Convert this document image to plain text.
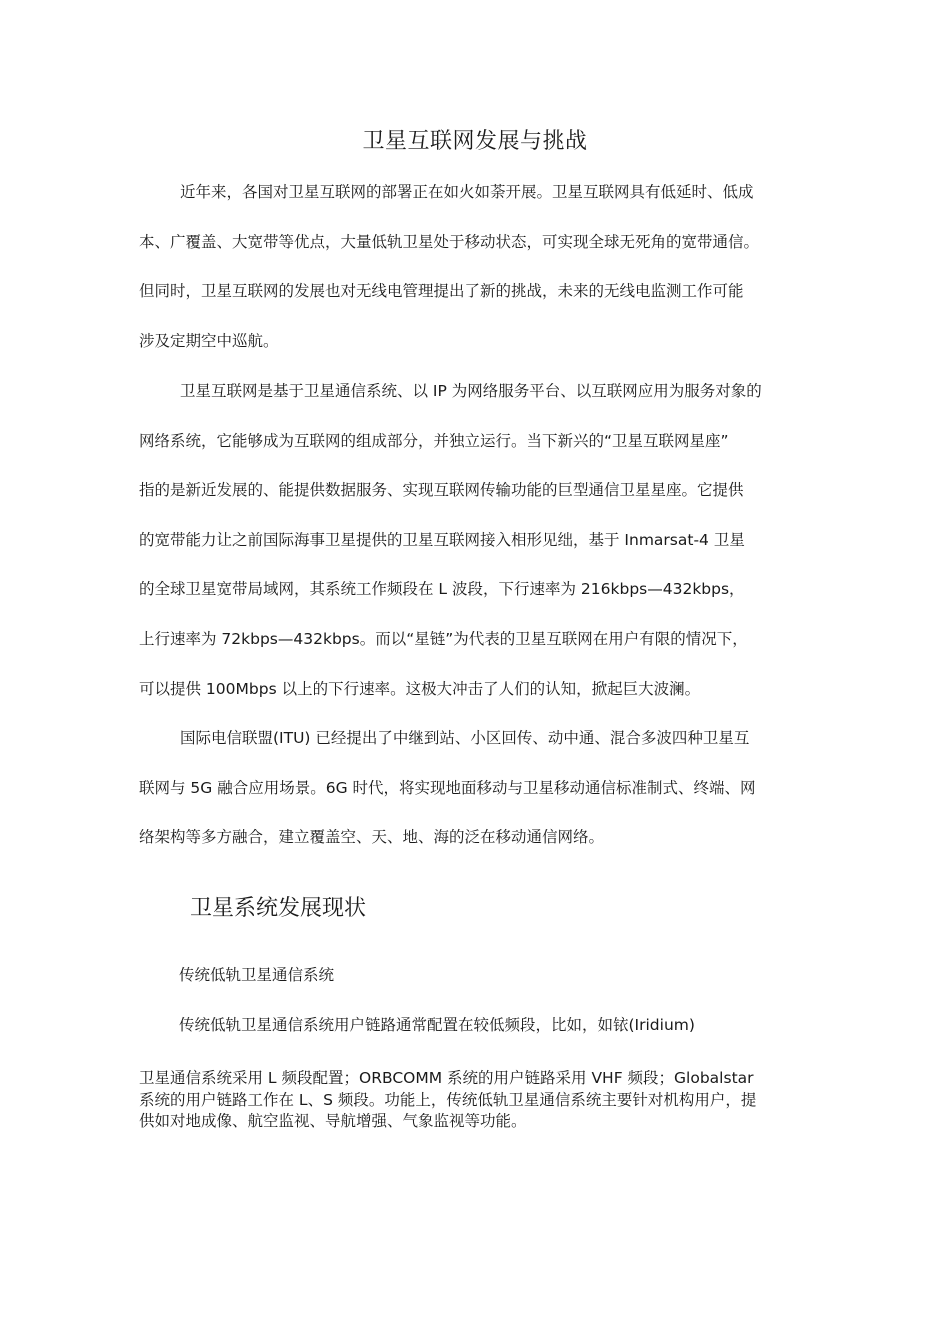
卫星互联网发展与挑战
近年来，各国对卫星互联网的部署正在如火如荼开展。卫星互联网具有低延时、低成
本、广覆盖、大宽带等优点，大量低轨卫星处于移动状态，可实现全球无死角的宽带通信。
但同时，卫星互联网的发展也对无线电管理提出了新的挑战，未来的无线电监测工作可能
涉及定期空中巡航。
卫星互联网是基于卫星通信系统、以 IP 为网络服务平台、以互联网应用为服务对象的
网络系统，它能够成为互联网的组成部分，并独立运行。当下新兴的“卫星互联网星座”
指的是新近发展的、能提供数据服务、实现互联网传输功能的巨型通信卫星星座。它提供
的宽带能力让之前国际海事卫星提供的卫星互联网接入相形见绌，基于 Inmarsat-4 卫星
的全球卫星宽带局域网，其系统工作频段在 L 波段，下行速率为 216kbps—432kbps，
上行速率为 72kbps—432kbps。而以“星链”为代表的卫星互联网在用户有限的情况下，
可以提供 100Mbps 以上的下行速率。这极大冲击了人们的认知，掀起巨大波澜。
国际电信联盟(ITU) 已经提出了中继到站、小区回传、动中通、混合多波四种卫星互
联网与 5G 融合应用场景。6G 时代，将实现地面移动与卫星移动通信标准制式、终端、网
络架构等多方融合，建立覆盖空、天、地、海的泛在移动通信网络。
卫星系统发展现状
传统低轨卫星通信系统
传统低轨卫星通信系统用户链路通常配置在较低频段，比如，如铱(Iridium)
卫星通信系统采用 L 频段配置；ORBCOMM 系统的用户链路采用 VHF 频段；Globalstar
系统的用户链路工作在 L、S 频段。功能上，传统低轨卫星通信系统主要针对机构用户，提
供如对地成像、航空监视、导航增强、气象监视等功能。
